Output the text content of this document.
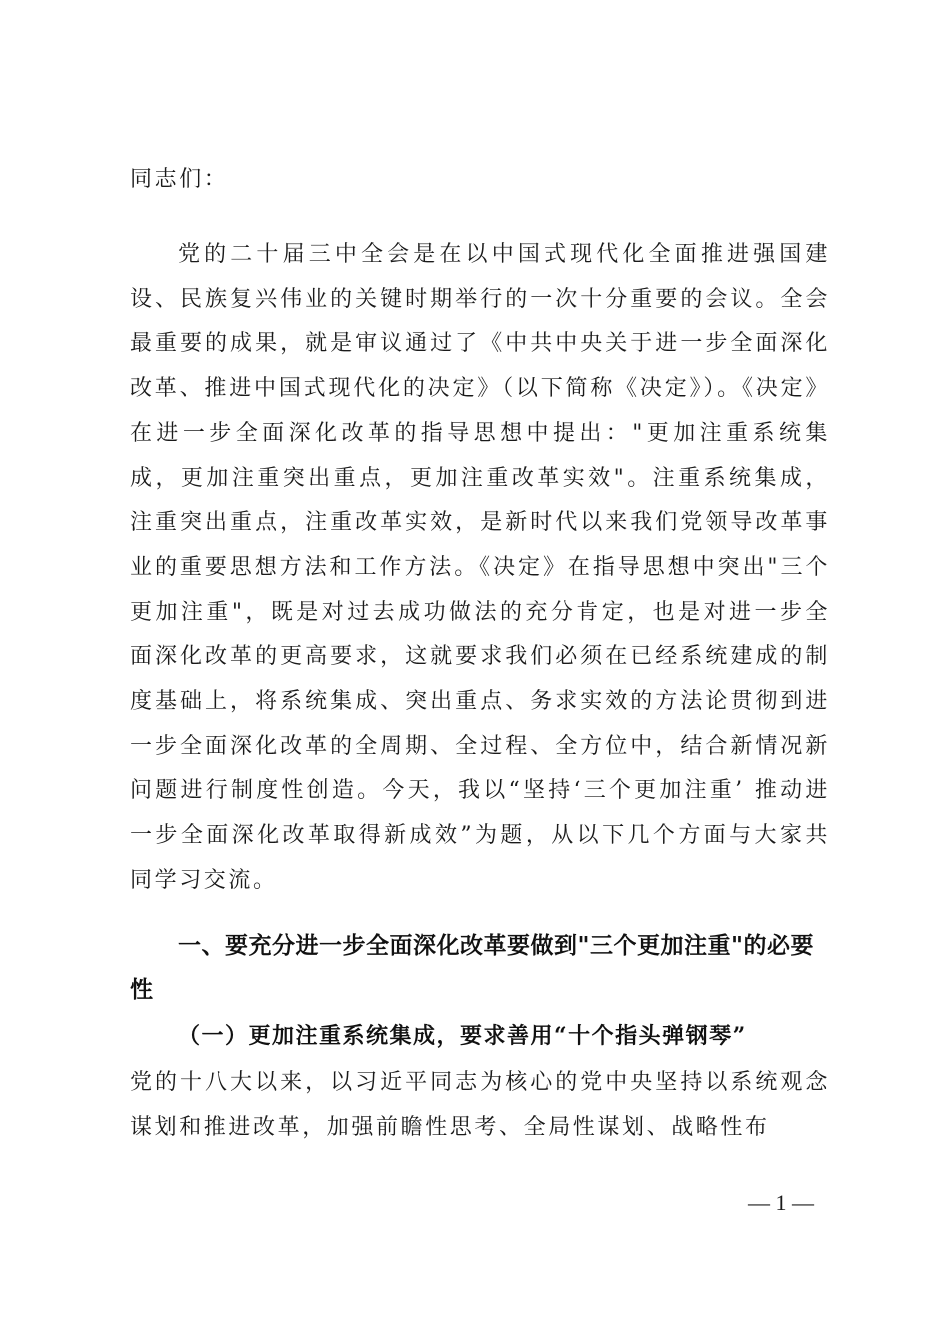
同志们：
党的二十届三中全会是在以中国式现代化全面推进强国建设、民族复兴伟业的关键时期举行的一次十分重要的会议。全会最重要的成果，就是审议通过了《中共中央关于进一步全面深化改革、推进中国式现代化的决定》（以下简称《决定》）。《决定》在进一步全面深化改革的指导思想中提出："更加注重系统集成，更加注重突出重点，更加注重改革实效"。注重系统集成，注重突出重点，注重改革实效，是新时代以来我们党领导改革事业的重要思想方法和工作方法。《决定》在指导思想中突出"三个更加注重"，既是对过去成功做法的充分肯定，也是对进一步全面深化改革的更高要求，这就要求我们必须在已经系统建成的制度基础上，将系统集成、突出重点、务求实效的方法论贯彻到进一步全面深化改革的全周期、全过程、全方位中，结合新情况新问题进行制度性创造。今天，我以“坚持‘三个更加注重’ 推动进一步全面深化改革取得新成效”为题，从以下几个方面与大家共同学习交流。
一、要充分进一步全面深化改革要做到"三个更加注重"的必要性
（一）更加注重系统集成，要求善用“十个指头弹钢琴”
党的十八大以来，以习近平同志为核心的党中央坚持以系统观念谋划和推进改革，加强前瞻性思考、全局性谋划、战略性布
— 1 —
